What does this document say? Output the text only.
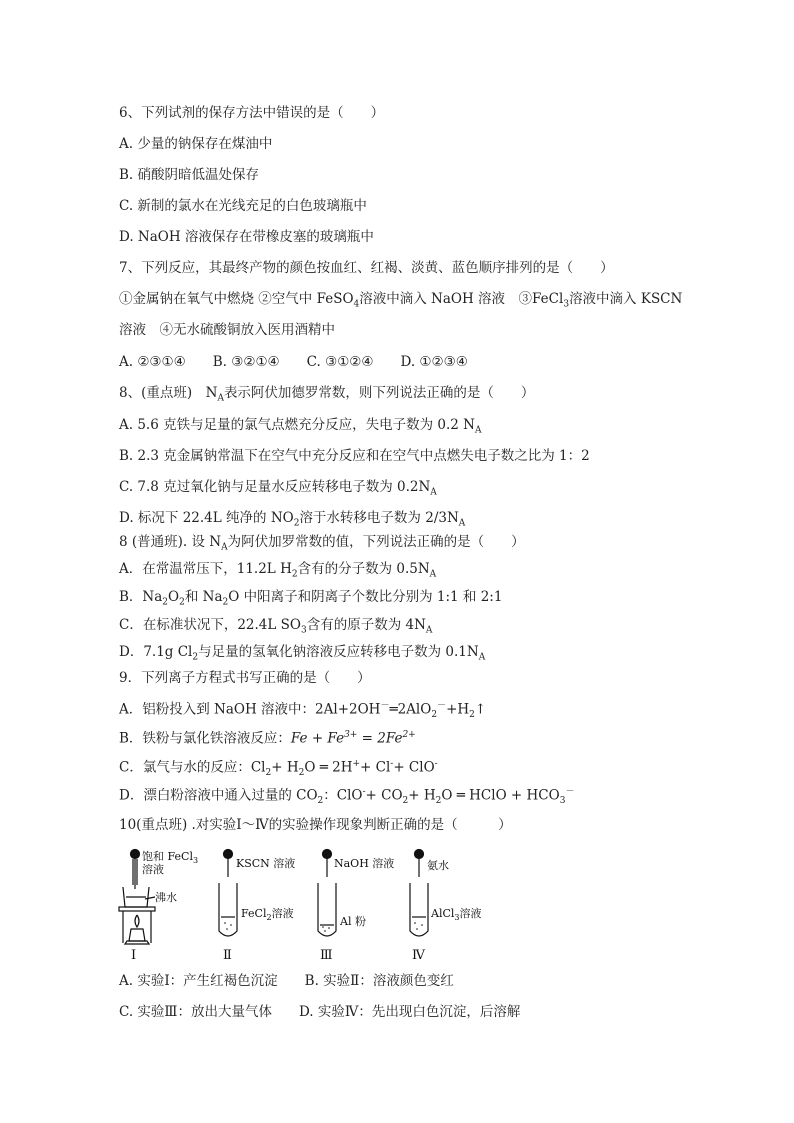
6、下列试剂的保存方法中错误的是（　　）
A. 少量的钠保存在煤油中
B. 硝酸阴暗低温处保存
C. 新制的氯水在光线充足的白色玻璃瓶中
D. NaOH 溶液保存在带橡皮塞的玻璃瓶中
7、下列反应，其最终产物的颜色按血红、红褐、淡黄、蓝色顺序排列的是（　　）
①金属钠在氧气中燃烧 ②空气中 FeSO$_4$溶液中滴入 NaOH 溶液　③FeCl$_3$溶液中滴入 KSCN
溶液　④无水硫酸铜放入医用酒精中
A. ②③①④　　B. ③②①④　　C. ③①②④　　D. ①②③④
8、(重点班)　$N_A$表示阿伏加德罗常数，则下列说法正确的是（　　）
A. 5.6 克铁与足量的氯气点燃充分反应，失电子数为 0.2 $N_A$
B. 2.3 克金属钠常温下在空气中充分反应和在空气中点燃失电子数之比为 1：2
C. 7.8 克过氧化钠与足量水反应转移电子数为 $0.2N_A$
D. 标况下 22.4L 纯净的 $NO_2$溶于水转移电子数为 $2/3N_A$
8 (普通班). 设 $N_A$为阿伏加罗常数的值，下列说法正确的是（　　）
A．在常温常压下，11.2L $H_2$含有的分子数为 $0.5N_A$
B．$Na_2O_2$和 $Na_2O$ 中阳离子和阴离子个数比分别为 1:1 和 2:1
C．在标准状况下，22.4L $SO_3$含有的原子数为 $4N_A$
D．7.1g $Cl_2$与足量的氢氧化钠溶液反应转移电子数为 $0.1N_A$
9．下列离子方程式书写正确的是（　　）
A．铝粉投入到 NaOH 溶液中：$2Al+2OH^-═2AlO_2^-+H_2↑$
B．铁粉与氯化铁溶液反应：$Fe + Fe^{3+} = 2Fe^{2+}$
C．氯气与水的反应：$Cl_2+ H_2O$ ═ 2H++ Cl-+ ClO-
D．漂白粉溶液中通入过量的 $CO_2$：$ClO^-+ CO_2+ H_2O$ ═ HClO + $HCO_3^-$
10(重点班) .对实验Ⅰ～Ⅳ的实验操作现象判断正确的是（　　　）
饱和 FeCl$_3$
溶液
沸水
KSCN 溶液
FeCl$_2$溶液
NaOH 溶液
Al 粉
氨水
AlCl$_3$溶液
Ⅰ	Ⅱ	Ⅲ	Ⅳ
A. 实验Ⅰ：产生红褐色沉淀　　B. 实验Ⅱ：溶液颜色变红
C. 实验Ⅲ：放出大量气体　　D. 实验Ⅳ：先出现白色沉淀，后溶解
